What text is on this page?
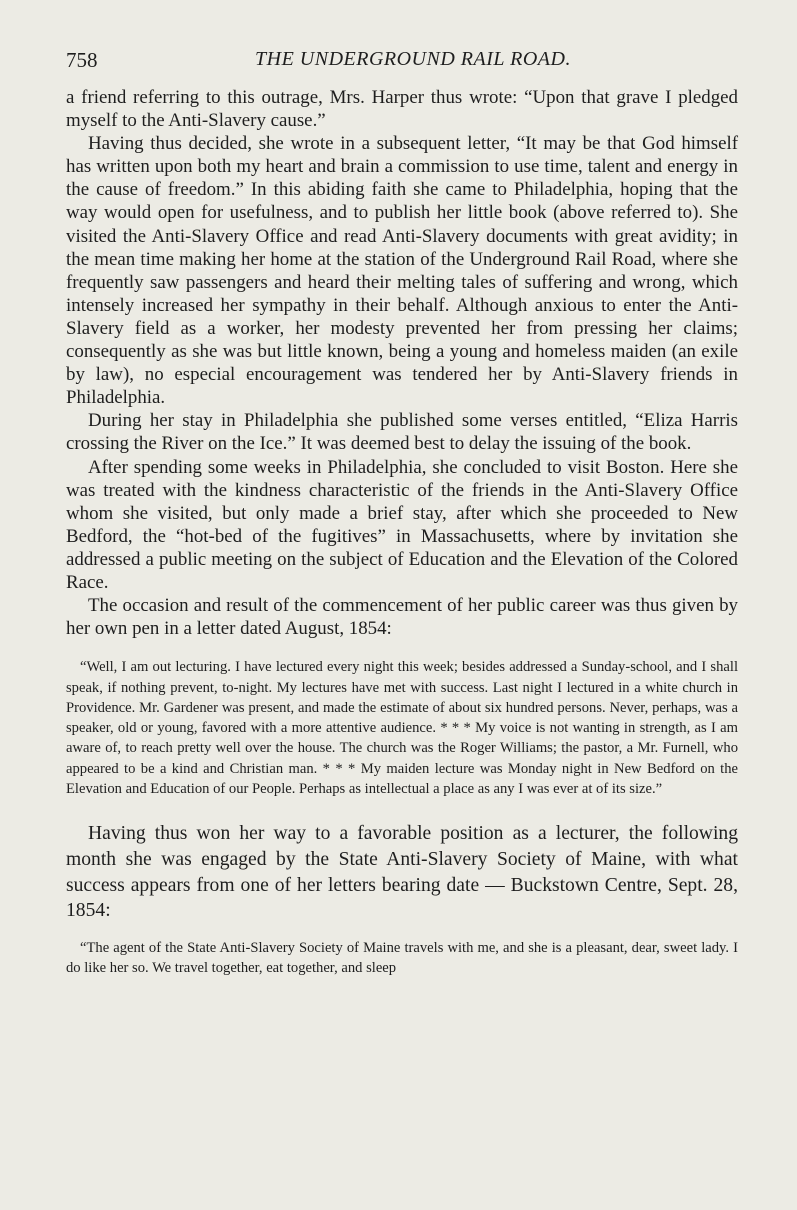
758	THE UNDERGROUND RAIL ROAD.

a friend referring to this outrage, Mrs. Harper thus wrote: “Upon that grave I pledged myself to the Anti-Slavery cause.”

Having thus decided, she wrote in a subsequent letter, “It may be that God himself has written upon both my heart and brain a commission to use time, talent and energy in the cause of freedom.” In this abiding faith she came to Philadelphia, hoping that the way would open for usefulness, and to publish her little book (above referred to). She visited the Anti-Slavery Office and read Anti-Slavery documents with great avidity; in the mean time making her home at the station of the Underground Rail Road, where she frequently saw passengers and heard their melting tales of suffering and wrong, which intensely increased her sympathy in their behalf. Although anxious to enter the Anti-Slavery field as a worker, her modesty prevented her from pressing her claims; consequently as she was but little known, being a young and homeless maiden (an exile by law), no especial encouragement was tendered her by Anti-Slavery friends in Philadelphia.

During her stay in Philadelphia she published some verses entitled, “Eliza Harris crossing the River on the Ice.” It was deemed best to delay the issuing of the book.

After spending some weeks in Philadelphia, she concluded to visit Boston. Here she was treated with the kindness characteristic of the friends in the Anti-Slavery Office whom she visited, but only made a brief stay, after which she proceeded to New Bedford, the “hot-bed of the fugitives” in Massachusetts, where by invitation she addressed a public meeting on the subject of Education and the Elevation of the Colored Race.

The occasion and result of the commencement of her public career was thus given by her own pen in a letter dated August, 1854:

“Well, I am out lecturing. I have lectured every night this week; besides addressed a Sunday-school, and I shall speak, if nothing prevent, to-night. My lectures have met with success. Last night I lectured in a white church in Providence. Mr. Gardener was present, and made the estimate of about six hundred persons. Never, perhaps, was a speaker, old or young, favored with a more attentive audience. * * * My voice is not wanting in strength, as I am aware of, to reach pretty well over the house. The church was the Roger Williams; the pastor, a Mr. Furnell, who appeared to be a kind and Christian man. * * * My maiden lecture was Monday night in New Bedford on the Elevation and Education of our People. Perhaps as intellectual a place as any I was ever at of its size.”

Having thus won her way to a favorable position as a lecturer, the following month she was engaged by the State Anti-Slavery Society of Maine, with what success appears from one of her letters bearing date — Buckstown Centre, Sept. 28, 1854:

“The agent of the State Anti-Slavery Society of Maine travels with me, and she is a pleasant, dear, sweet lady. I do like her so. We travel together, eat together, and sleep
